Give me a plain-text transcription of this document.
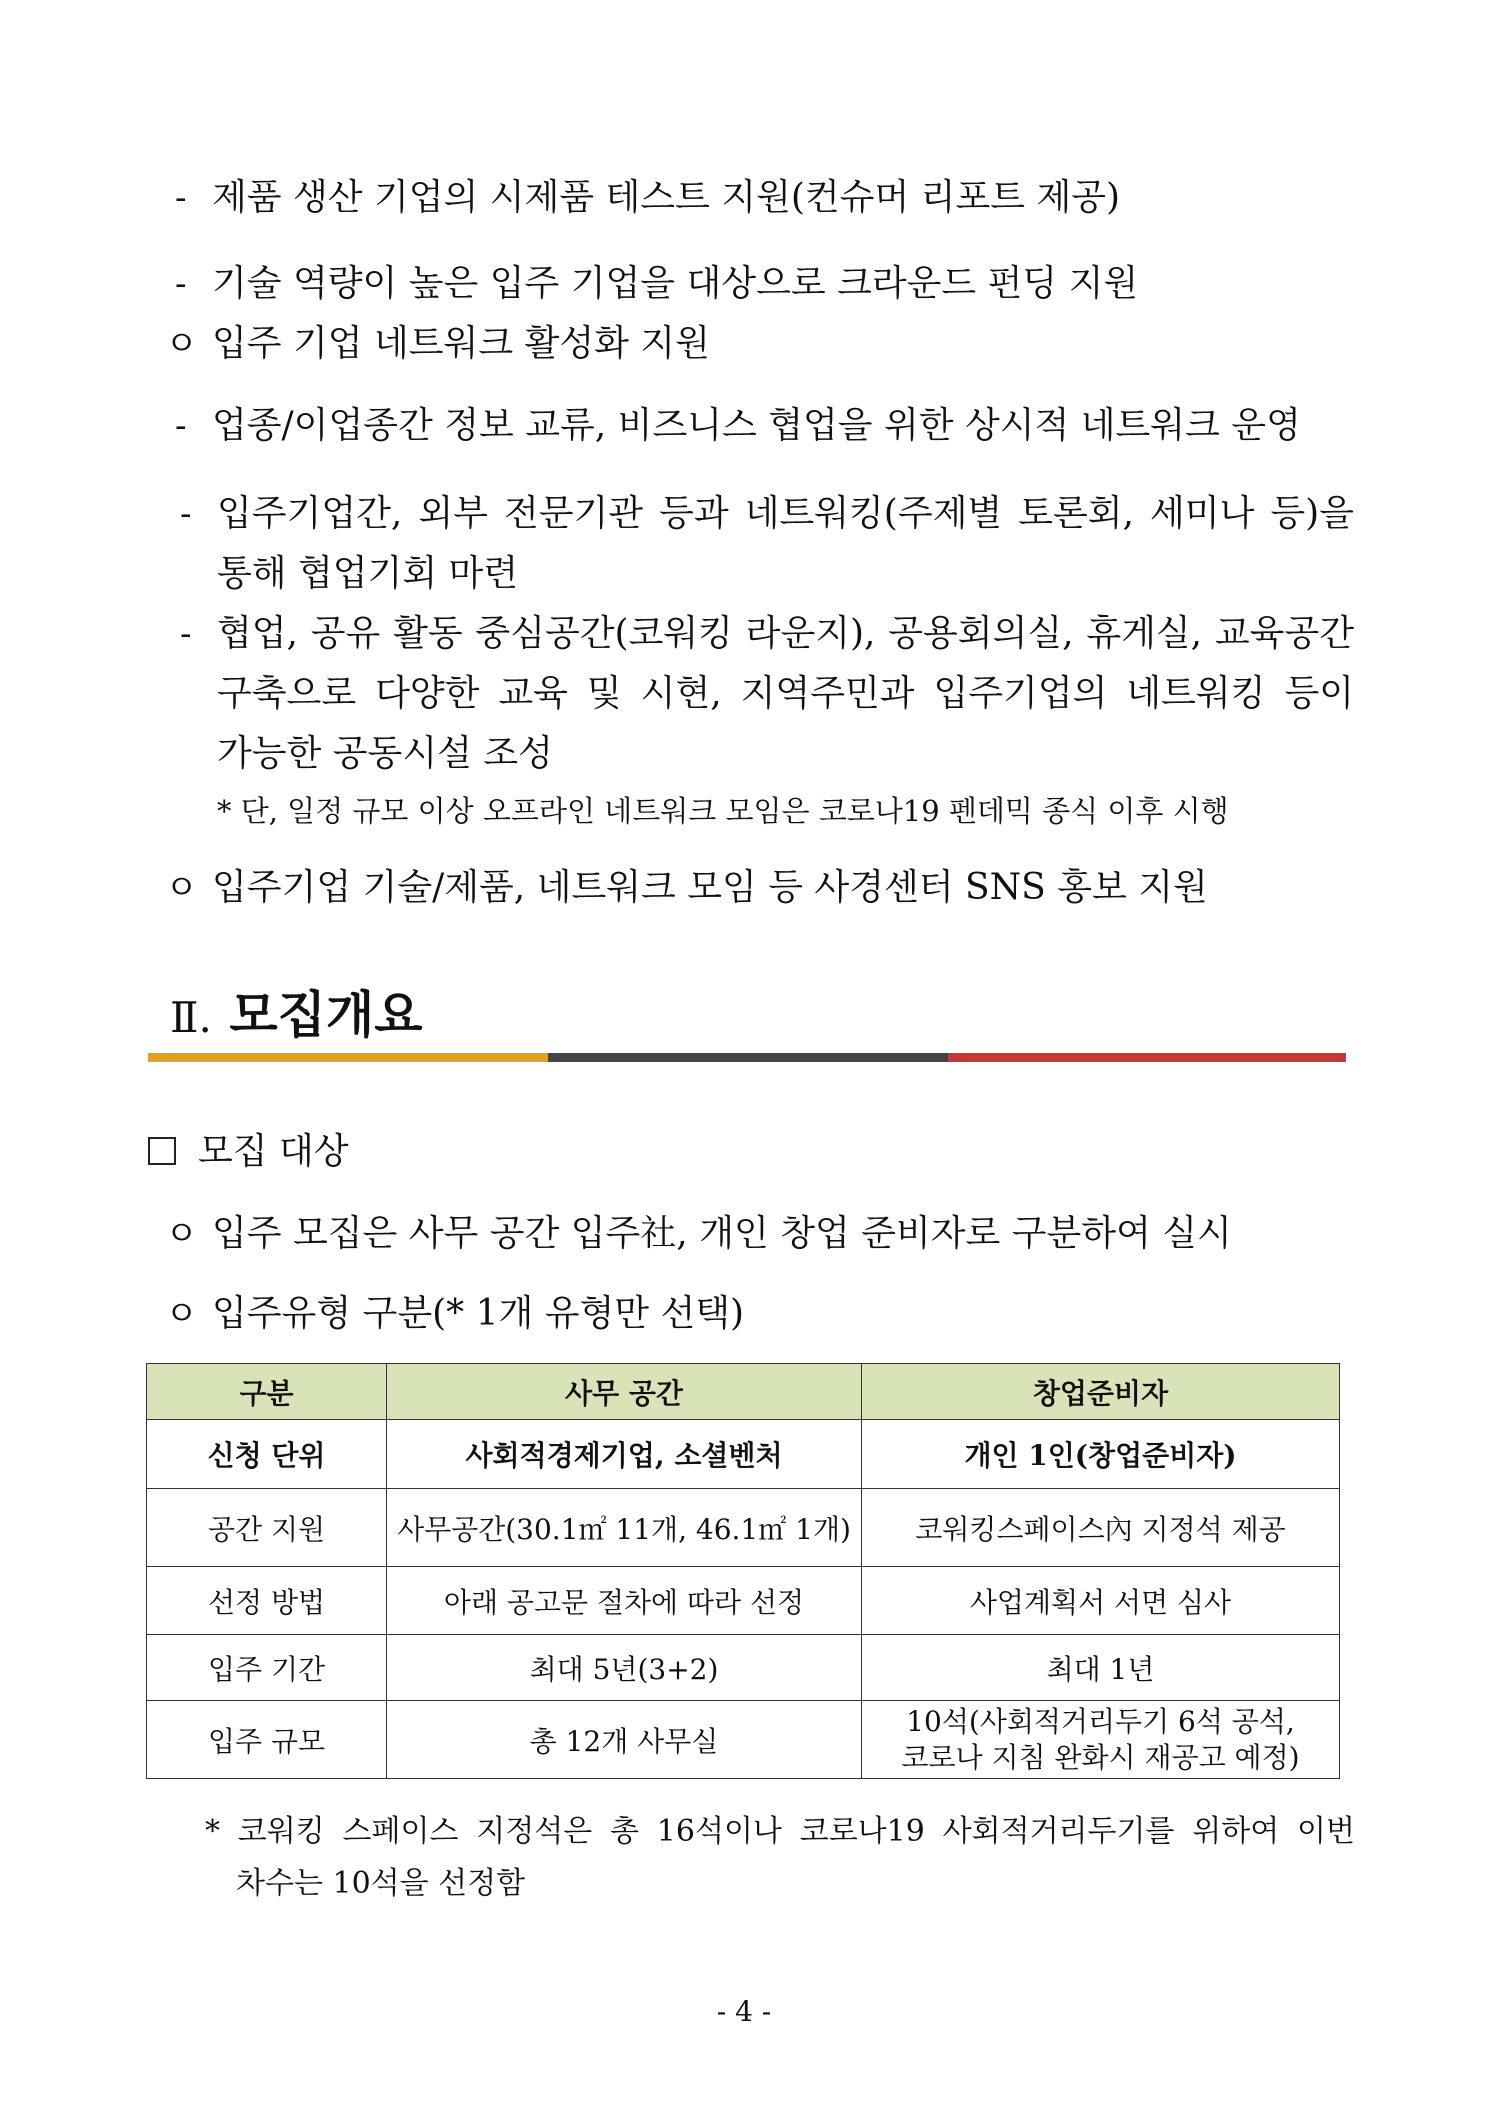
- 제품 생산 기업의 시제품 테스트 지원(컨슈머 리포트 제공)
- 기술 역량이 높은 입주 기업을 대상으로 크라운드 펀딩 지원
ㅇ 입주 기업 네트워크 활성화 지원
- 업종/이업종간 정보 교류, 비즈니스 협업을 위한 상시적 네트워크 운영
- 입주기업간, 외부 전문기관 등과 네트워킹(주제별 토론회, 세미나 등)을
통해 협업기회 마련
- 협업, 공유 활동 중심공간(코워킹 라운지), 공용회의실, 휴게실, 교육공간
구축으로 다양한 교육 및 시현, 지역주민과 입주기업의 네트워킹 등이
가능한 공동시설 조성
* 단, 일정 규모 이상 오프라인 네트워크 모임은 코로나19 펜데믹 종식 이후 시행
ㅇ 입주기업 기술/제품, 네트워크 모임 등 사경센터 SNS 홍보 지원
Ⅱ. 모집개요
모집 대상
ㅇ 입주 모집은 사무 공간 입주社, 개인 창업 준비자로 구분하여 실시
ㅇ 입주유형 구분(* 1개 유형만 선택)
구분	사무 공간	창업준비자
신청 단위	사회적경제기업, 소셜벤처	개인 1인(창업준비자)
공간 지원	사무공간(30.1㎡ 11개, 46.1㎡ 1개)	코워킹스페이스內 지정석 제공
선정 방법	아래 공고문 절차에 따라 선정	사업계획서 서면 심사
입주 기간	최대 5년(3+2)	최대 1년
입주 규모	총 12개 사무실	10석(사회적거리두기 6석 공석,
코로나 지침 완화시 재공고 예정)
* 코워킹 스페이스 지정석은 총 16석이나 코로나19 사회적거리두기를 위하여 이번
차수는 10석을 선정함
- 4 -
